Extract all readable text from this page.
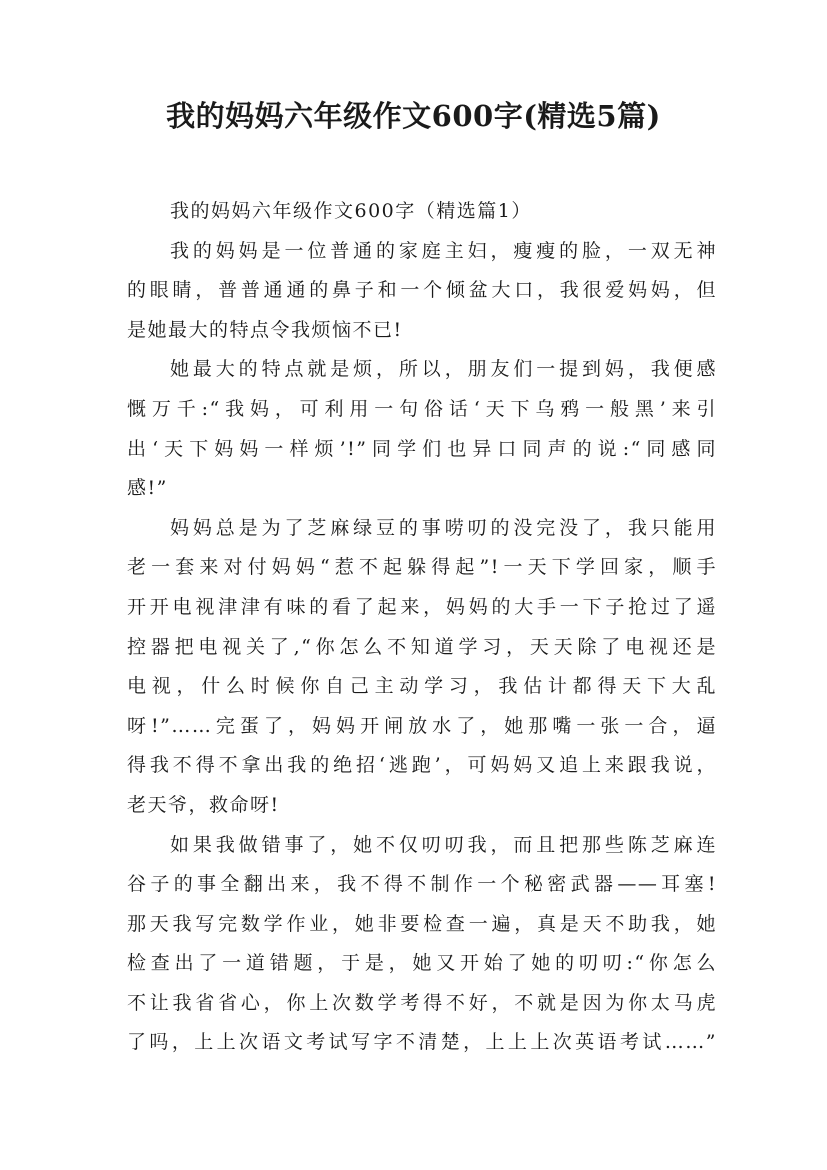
我的妈妈六年级作文600字(精选5篇)
我的妈妈六年级作文600字（精选篇1）
我的妈妈是一位普通的家庭主妇，瘦瘦的脸，一双无神
的眼睛，普普通通的鼻子和一个倾盆大口，我很爱妈妈，但
是她最大的特点令我烦恼不已!
她最大的特点就是烦，所以，朋友们一提到妈，我便感
慨万千:“我妈，可利用一句俗话‘天下乌鸦一般黑’来引
出‘天下妈妈一样烦’!”同学们也异口同声的说:“同感同
感!”
妈妈总是为了芝麻绿豆的事唠叨的没完没了，我只能用
老一套来对付妈妈“惹不起躲得起”!一天下学回家，顺手
开开电视津津有味的看了起来，妈妈的大手一下子抢过了遥
控器把电视关了,“你怎么不知道学习，天天除了电视还是
电视，什么时候你自己主动学习，我估计都得天下大乱
呀!”……完蛋了，妈妈开闸放水了，她那嘴一张一合，逼
得我不得不拿出我的绝招‘逃跑’，可妈妈又追上来跟我说，
老天爷，救命呀!
如果我做错事了，她不仅叨叨我，而且把那些陈芝麻连
谷子的事全翻出来，我不得不制作一个秘密武器——耳塞!
那天我写完数学作业，她非要检查一遍，真是天不助我，她
检查出了一道错题，于是，她又开始了她的叨叨:“你怎么
不让我省省心，你上次数学考得不好，不就是因为你太马虎
了吗，上上次语文考试写字不清楚，上上上次英语考试……”
